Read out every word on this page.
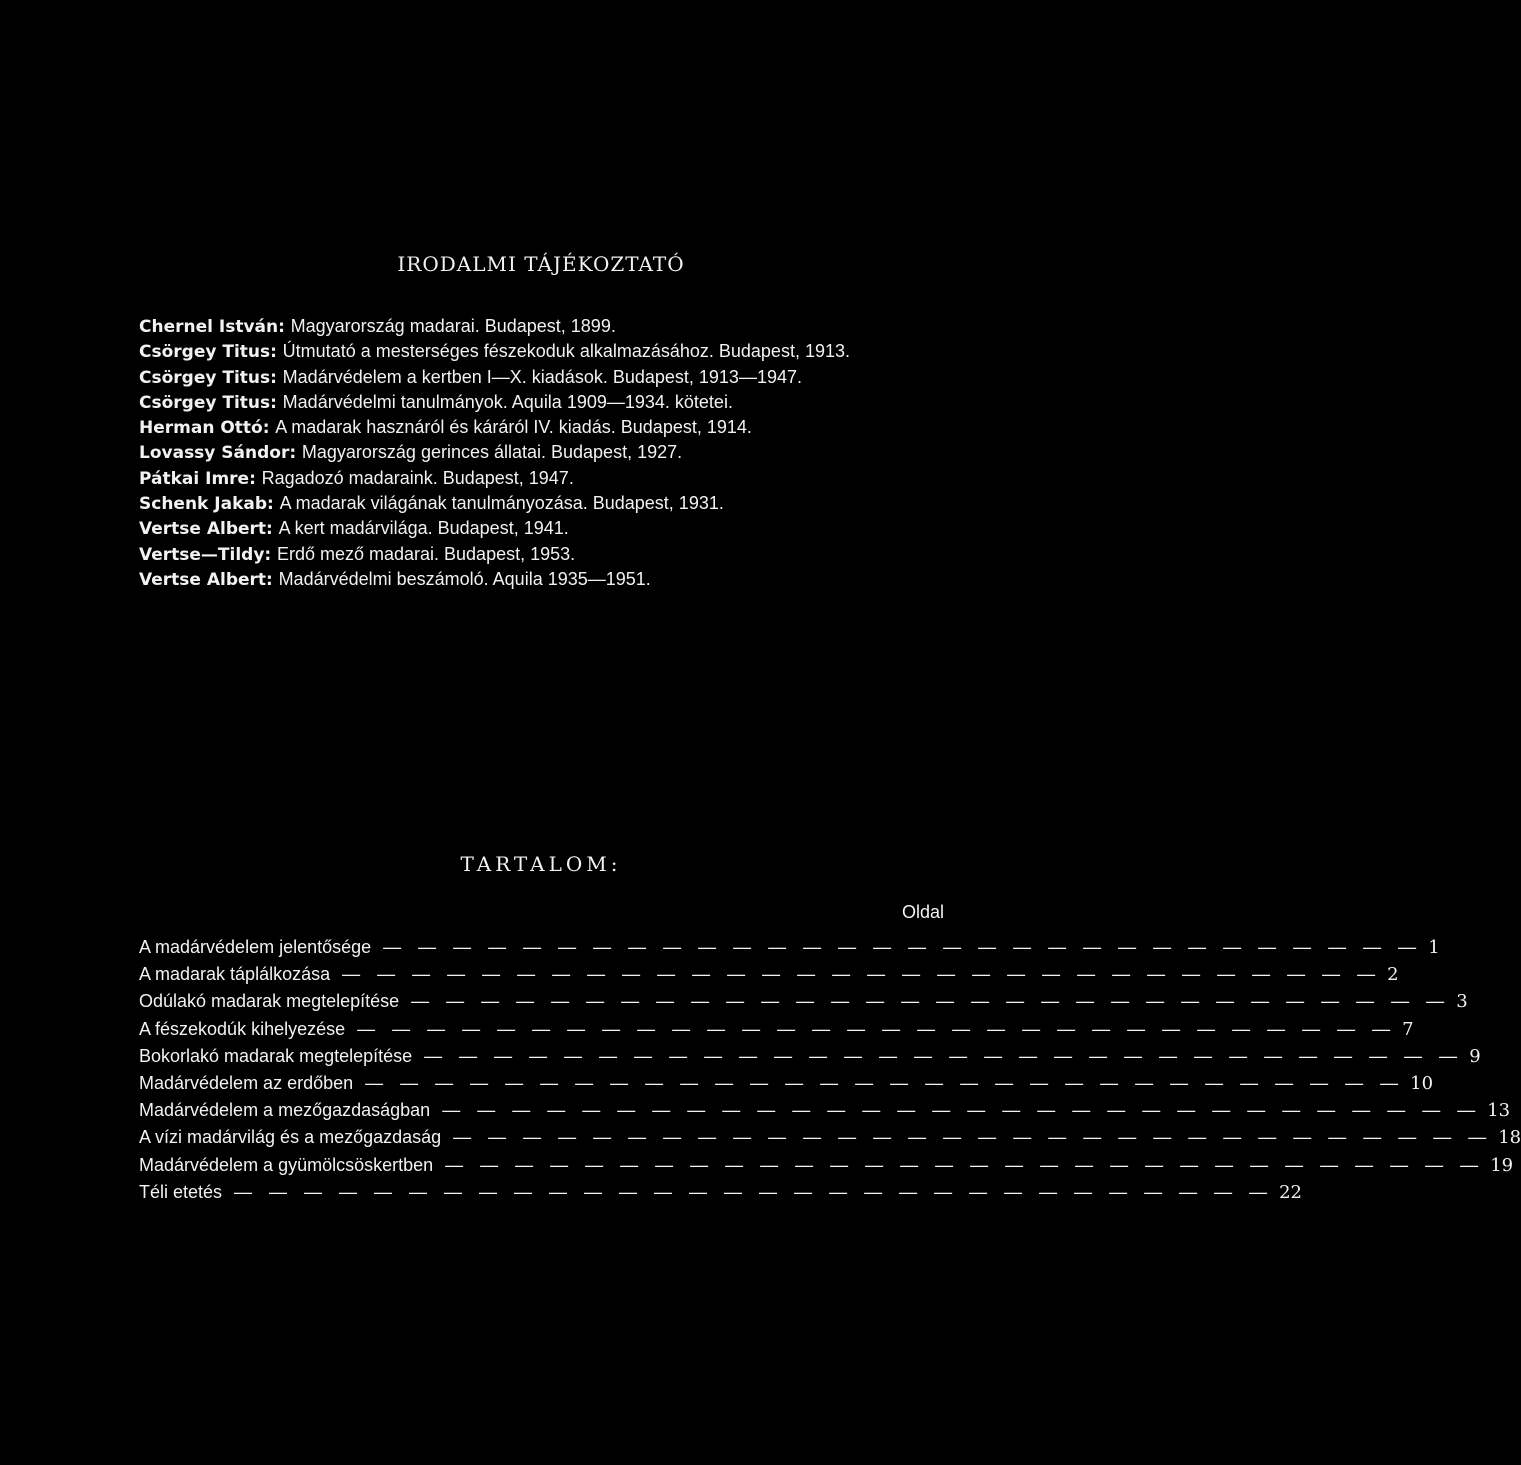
IRODALMI TÁJÉKOZTATÓ
Chernel István: Magyarország madarai. Budapest, 1899.
Csörgey Titus: Útmutató a mesterséges fészekoduk alkalmazásához. Budapest, 1913.
Csörgey Titus: Madárvédelem a kertben I—X. kiadások. Budapest, 1913—1947.
Csörgey Titus: Madárvédelmi tanulmányok. Aquila 1909—1934. kötetei.
Herman Ottó: A madarak hasznáról és káráról IV. kiadás. Budapest, 1914.
Lovassy Sándor: Magyarország gerinces állatai. Budapest, 1927.
Pátkai Imre: Ragadozó madaraink. Budapest, 1947.
Schenk Jakab: A madarak világának tanulmányozása. Budapest, 1931.
Vertse Albert: A kert madárvilága. Budapest, 1941.
Vertse—Tildy: Erdő mező madarai. Budapest, 1953.
Vertse Albert: Madárvédelmi beszámoló. Aquila 1935—1951.
TARTALOM:
Oldal
A madárvédelem jelentősége — — — — — — — — — — — — — — — — — — — — — — — — — — — — — — 1
A madarak táplálkozása — — — — — — — — — — — — — — — — — — — — — — — — — — — — — — 2
Odúlakó madarak megtelepítése — — — — — — — — — — — — — — — — — — — — — — — — — — — — — — 3
A fészekodúk kihelyezése — — — — — — — — — — — — — — — — — — — — — — — — — — — — — — 7
Bokorlakó madarak megtelepítése — — — — — — — — — — — — — — — — — — — — — — — — — — — — — — 9
Madárvédelem az erdőben — — — — — — — — — — — — — — — — — — — — — — — — — — — — — — 10
Madárvédelem a mezőgazdaságban — — — — — — — — — — — — — — — — — — — — — — — — — — — — — — 13
A vízi madárvilág és a mezőgazdaság — — — — — — — — — — — — — — — — — — — — — — — — — — — — — — 18
Madárvédelem a gyümölcsöskertben — — — — — — — — — — — — — — — — — — — — — — — — — — — — — — 19
Téli etetés — — — — — — — — — — — — — — — — — — — — — — — — — — — — — — 22
